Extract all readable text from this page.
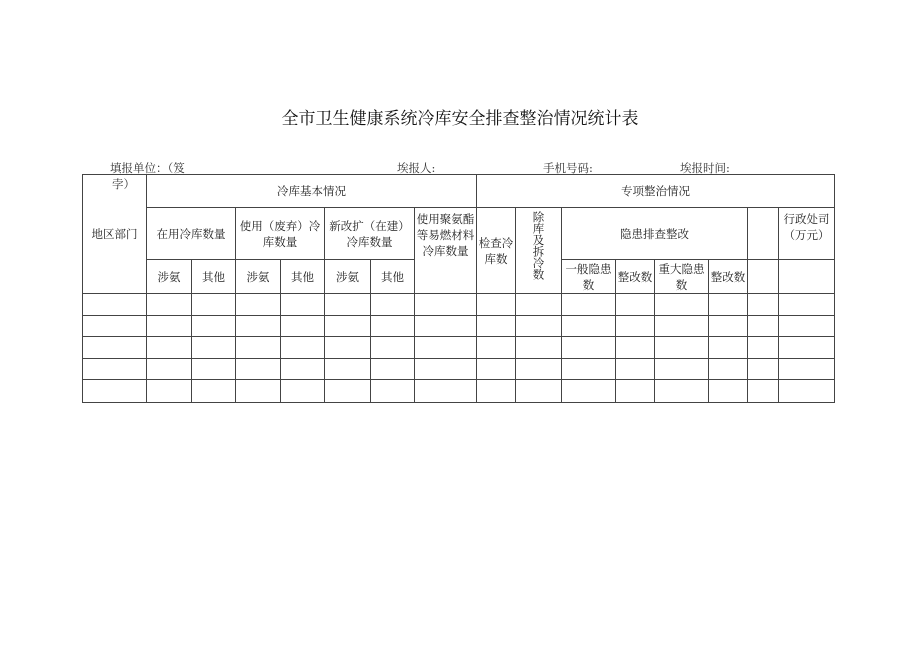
全市卫生健康系统冷库安全排查整治情况统计表
填报单位：（笈
孛）
埃报人:	手机号码:	埃报时间:
地区部门	冷库基本情况							专项整治情况							
	在用冷库数量		使用（废弃）冷库数量		新改扩（在建）冷库数量		使用聚氨酯等易燃材料冷库数量	检查冷库数	除库及拆冷数	隐患排查整改					行政处司（万元）
	涉氨	其他	涉氨	其他	涉氨	其他				一般隐患数	整改数	重大隐患数	整改数		
